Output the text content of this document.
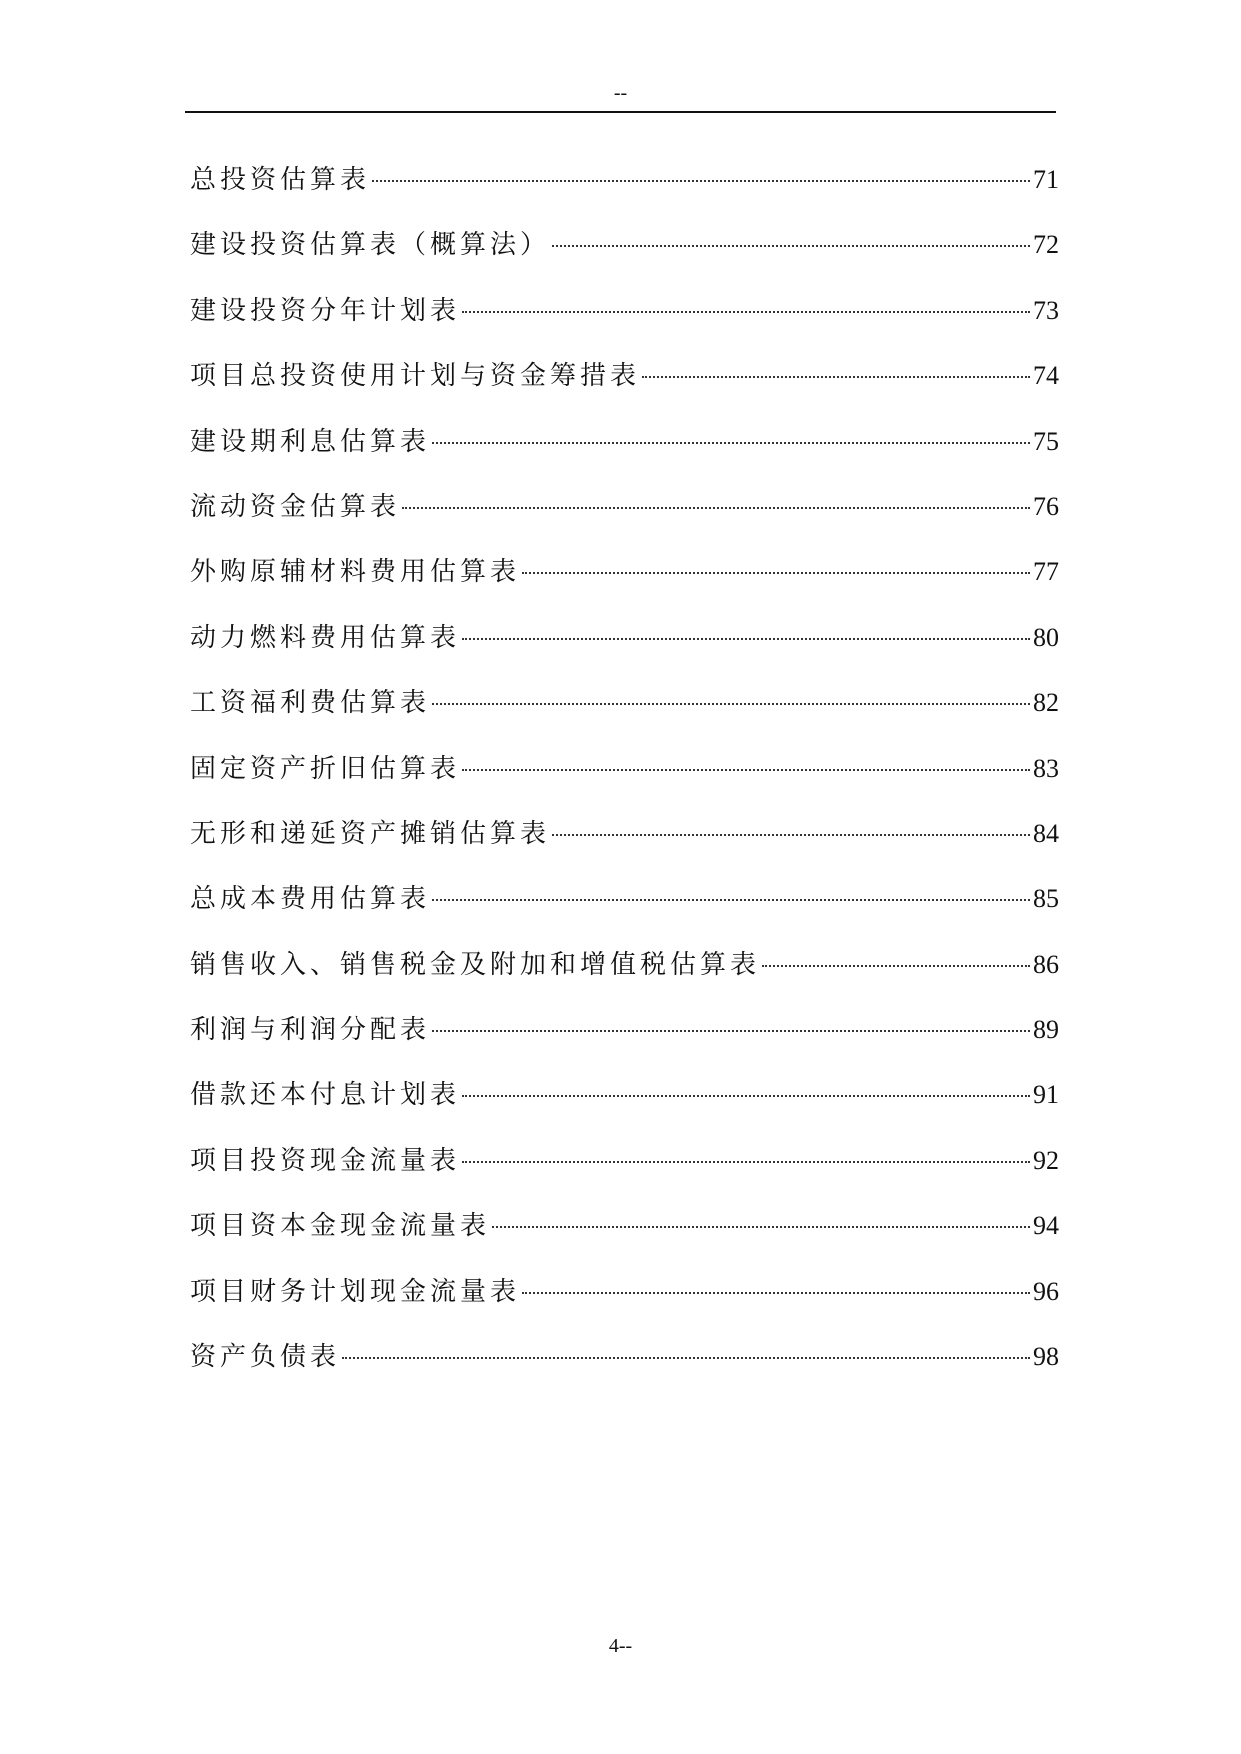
--
总投资估算表	71
建设投资估算表（概算法）	72
建设投资分年计划表	73
项目总投资使用计划与资金筹措表	74
建设期利息估算表	75
流动资金估算表	76
外购原辅材料费用估算表	77
动力燃料费用估算表	80
工资福利费估算表	82
固定资产折旧估算表	83
无形和递延资产摊销估算表	84
总成本费用估算表	85
销售收入、销售税金及附加和增值税估算表	86
利润与利润分配表	89
借款还本付息计划表	91
项目投资现金流量表	92
项目资本金现金流量表	94
项目财务计划现金流量表	96
资产负债表	98
4--
